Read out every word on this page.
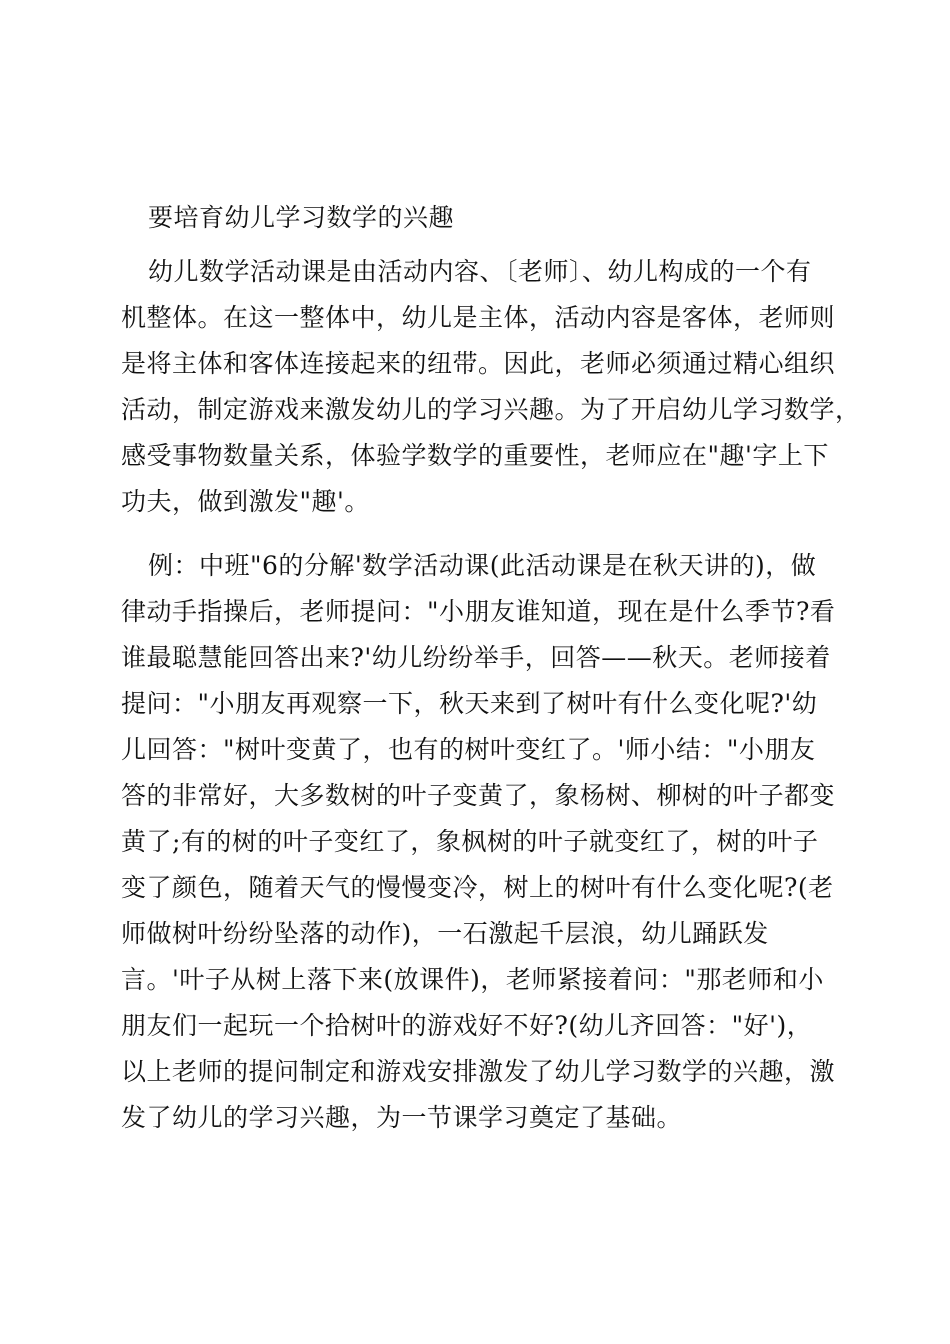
要培育幼儿学习数学的兴趣
幼儿数学活动课是由活动内容、〔老师〕、幼儿构成的一个有
机整体。在这一整体中，幼儿是主体，活动内容是客体，老师则
是将主体和客体连接起来的纽带。因此，老师必须通过精心组织
活动，制定游戏来激发幼儿的学习兴趣。为了开启幼儿学习数学，
感受事物数量关系，体验学数学的重要性，老师应在"趣'字上下
功夫，做到激发"趣'。
例：中班"6的分解'数学活动课(此活动课是在秋天讲的)，做
律动手指操后，老师提问："小朋友谁知道，现在是什么季节?看
谁最聪慧能回答出来?'幼儿纷纷举手，回答——秋天。老师接着
提问："小朋友再观察一下，秋天来到了树叶有什么变化呢?'幼
儿回答："树叶变黄了，也有的树叶变红了。'师小结："小朋友
答的非常好，大多数树的叶子变黄了，象杨树、柳树的叶子都变
黄了;有的树的叶子变红了，象枫树的叶子就变红了，树的叶子
变了颜色，随着天气的慢慢变冷，树上的树叶有什么变化呢?(老
师做树叶纷纷坠落的动作)，一石激起千层浪，幼儿踊跃发
言。'叶子从树上落下来(放课件)，老师紧接着问："那老师和小
朋友们一起玩一个拾树叶的游戏好不好?(幼儿齐回答："好')，
以上老师的提问制定和游戏安排激发了幼儿学习数学的兴趣，激
发了幼儿的学习兴趣，为一节课学习奠定了基础。
